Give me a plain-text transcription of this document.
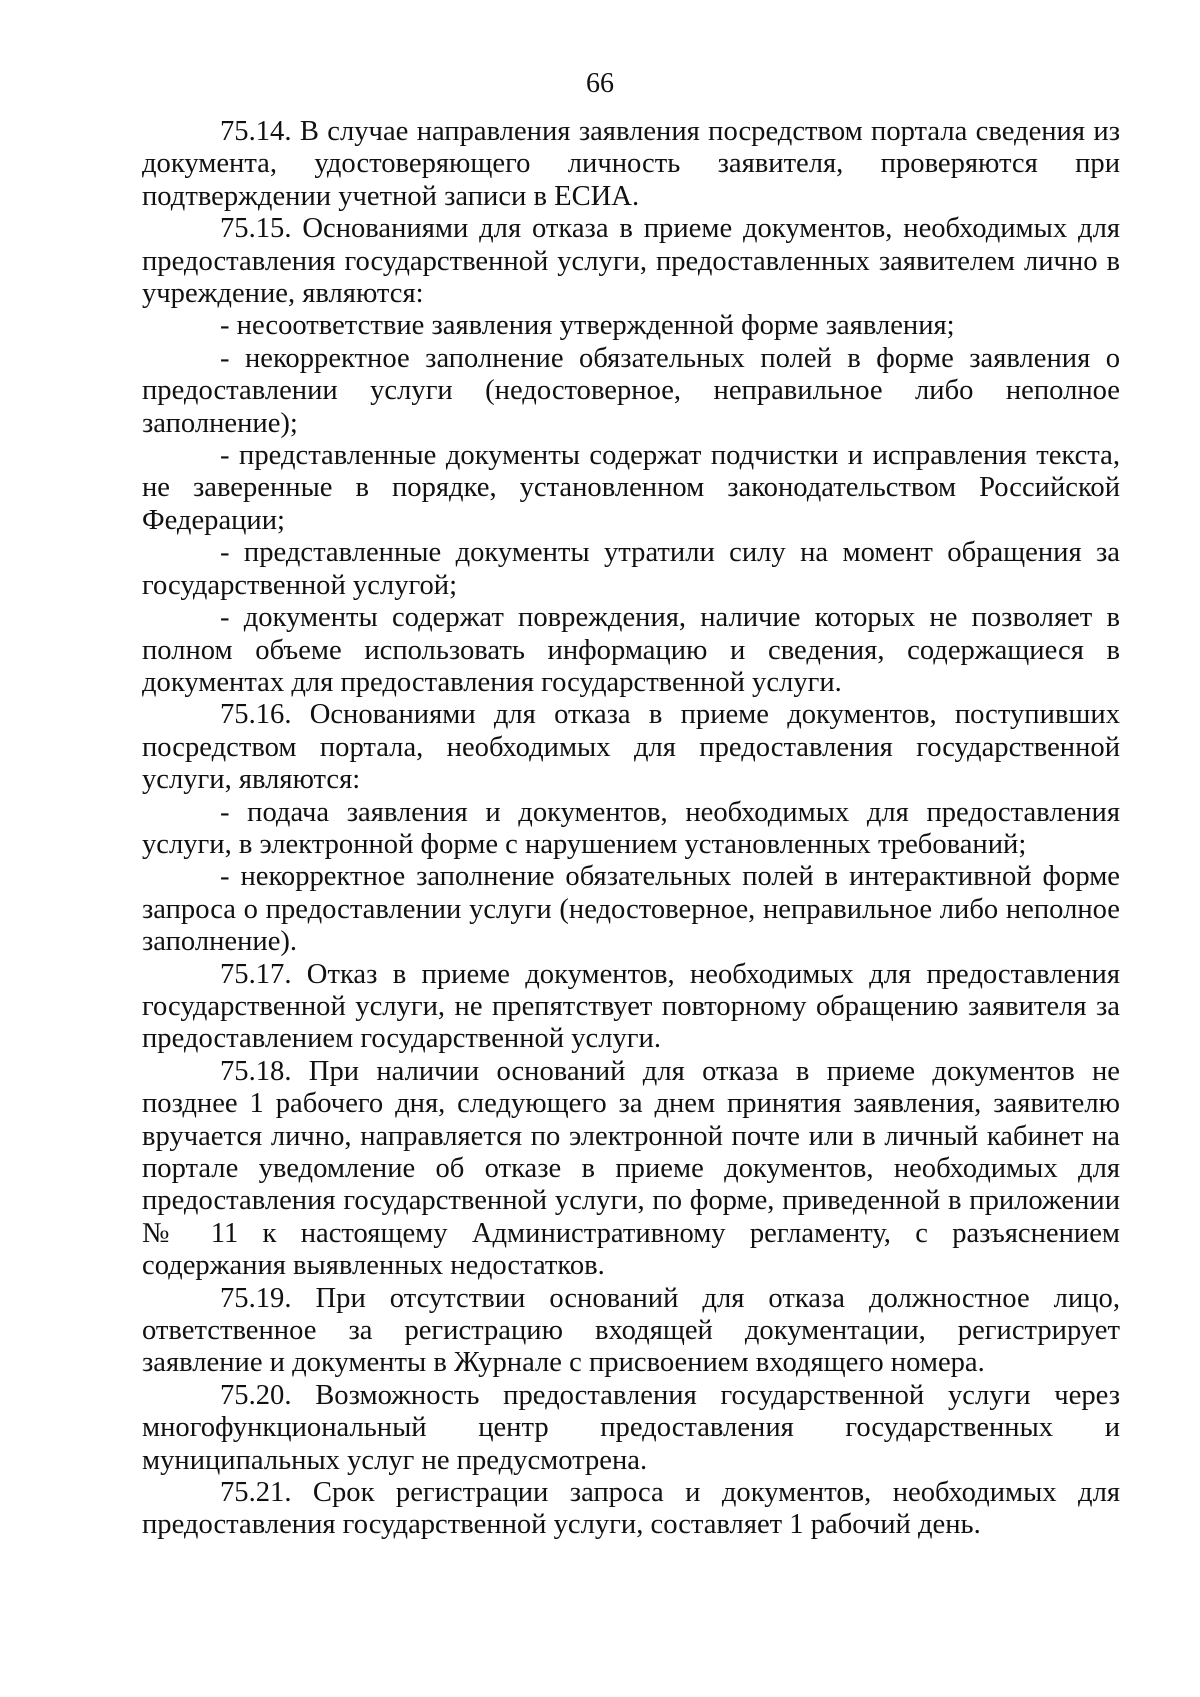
66

75.14. В случае направления заявления посредством портала сведения из документа, удостоверяющего личность заявителя, проверяются при подтверждении учетной записи в ЕСИА.

75.15. Основаниями для отказа в приеме документов, необходимых для предоставления государственной услуги, предоставленных заявителем лично в учреждение, являются:

- несоответствие заявления утвержденной форме заявления;

- некорректное заполнение обязательных полей в форме заявления о предоставлении услуги (недостоверное, неправильное либо неполное заполнение);

- представленные документы содержат подчистки и исправления текста, не заверенные в порядке, установленном законодательством Российской Федерации;

- представленные документы утратили силу на момент обращения за государственной услугой;

- документы содержат повреждения, наличие которых не позволяет в полном объеме использовать информацию и сведения, содержащиеся в документах для предоставления государственной услуги.

75.16. Основаниями для отказа в приеме документов, поступивших посредством портала, необходимых для предоставления государственной услуги, являются:

- подача заявления и документов, необходимых для предоставления услуги, в электронной форме с нарушением установленных требований;

- некорректное заполнение обязательных полей в интерактивной форме запроса о предоставлении услуги (недостоверное, неправильное либо неполное заполнение).

75.17. Отказ в приеме документов, необходимых для предоставления государственной услуги, не препятствует повторному обращению заявителя за предоставлением государственной услуги.

75.18. При наличии оснований для отказа в приеме документов не позднее 1 рабочего дня, следующего за днем принятия заявления, заявителю вручается лично, направляется по электронной почте или в личный кабинет на портале уведомление об отказе в приеме документов, необходимых для предоставления государственной услуги, по форме, приведенной в приложении № 11 к настоящему Административному регламенту, с разъяснением содержания выявленных недостатков.

75.19. При отсутствии оснований для отказа должностное лицо, ответственное за регистрацию входящей документации, регистрирует заявление и документы в Журнале с присвоением входящего номера.

75.20. Возможность предоставления государственной услуги через многофункциональный центр предоставления государственных и муниципальных услуг не предусмотрена.

75.21. Срок регистрации запроса и документов, необходимых для предоставления государственной услуги, составляет 1 рабочий день.
